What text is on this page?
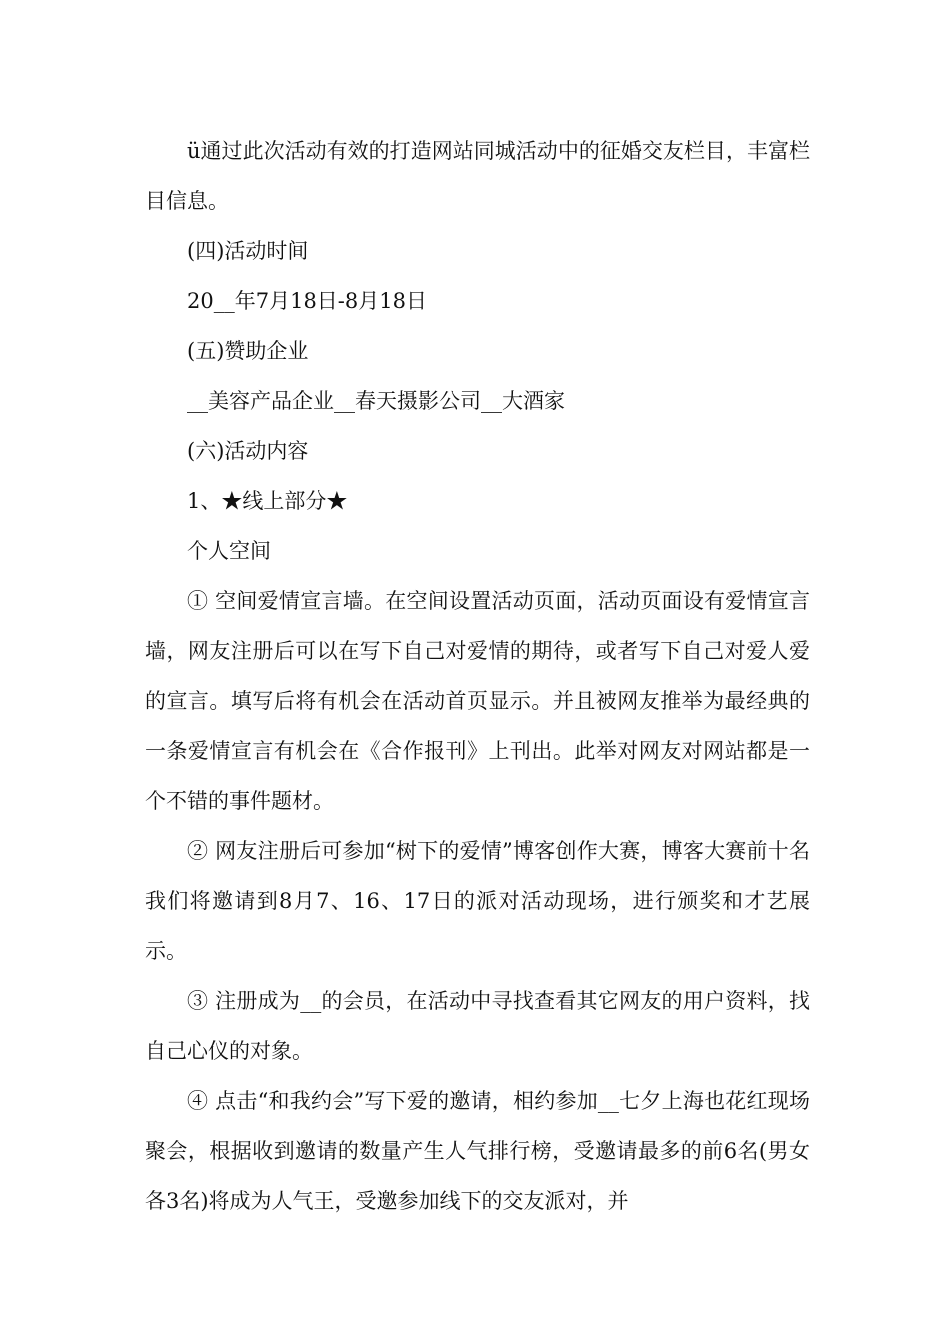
ü通过此次活动有效的打造网站同城活动中的征婚交友栏目，丰富栏目信息。

(四)活动时间

20__年7月18日-8月18日

(五)赞助企业

__美容产品企业__春天摄影公司__大酒家

(六)活动内容

1、★线上部分★

个人空间

① 空间爱情宣言墙。在空间设置活动页面，活动页面设有爱情宣言墙，网友注册后可以在写下自己对爱情的期待，或者写下自己对爱人爱的宣言。填写后将有机会在活动首页显示。并且被网友推举为最经典的一条爱情宣言有机会在《合作报刊》上刊出。此举对网友对网站都是一个不错的事件题材。

② 网友注册后可参加“树下的爱情”博客创作大赛，博客大赛前十名我们将邀请到8月7、16、17日的派对活动现场，进行颁奖和才艺展示。

③ 注册成为__的会员，在活动中寻找查看其它网友的用户资料，找自己心仪的对象。

④ 点击“和我约会”写下爱的邀请，相约参加__七夕上海也花红现场聚会，根据收到邀请的数量产生人气排行榜，受邀请最多的前6名(男女各3名)将成为人气王，受邀参加线下的交友派对，并
